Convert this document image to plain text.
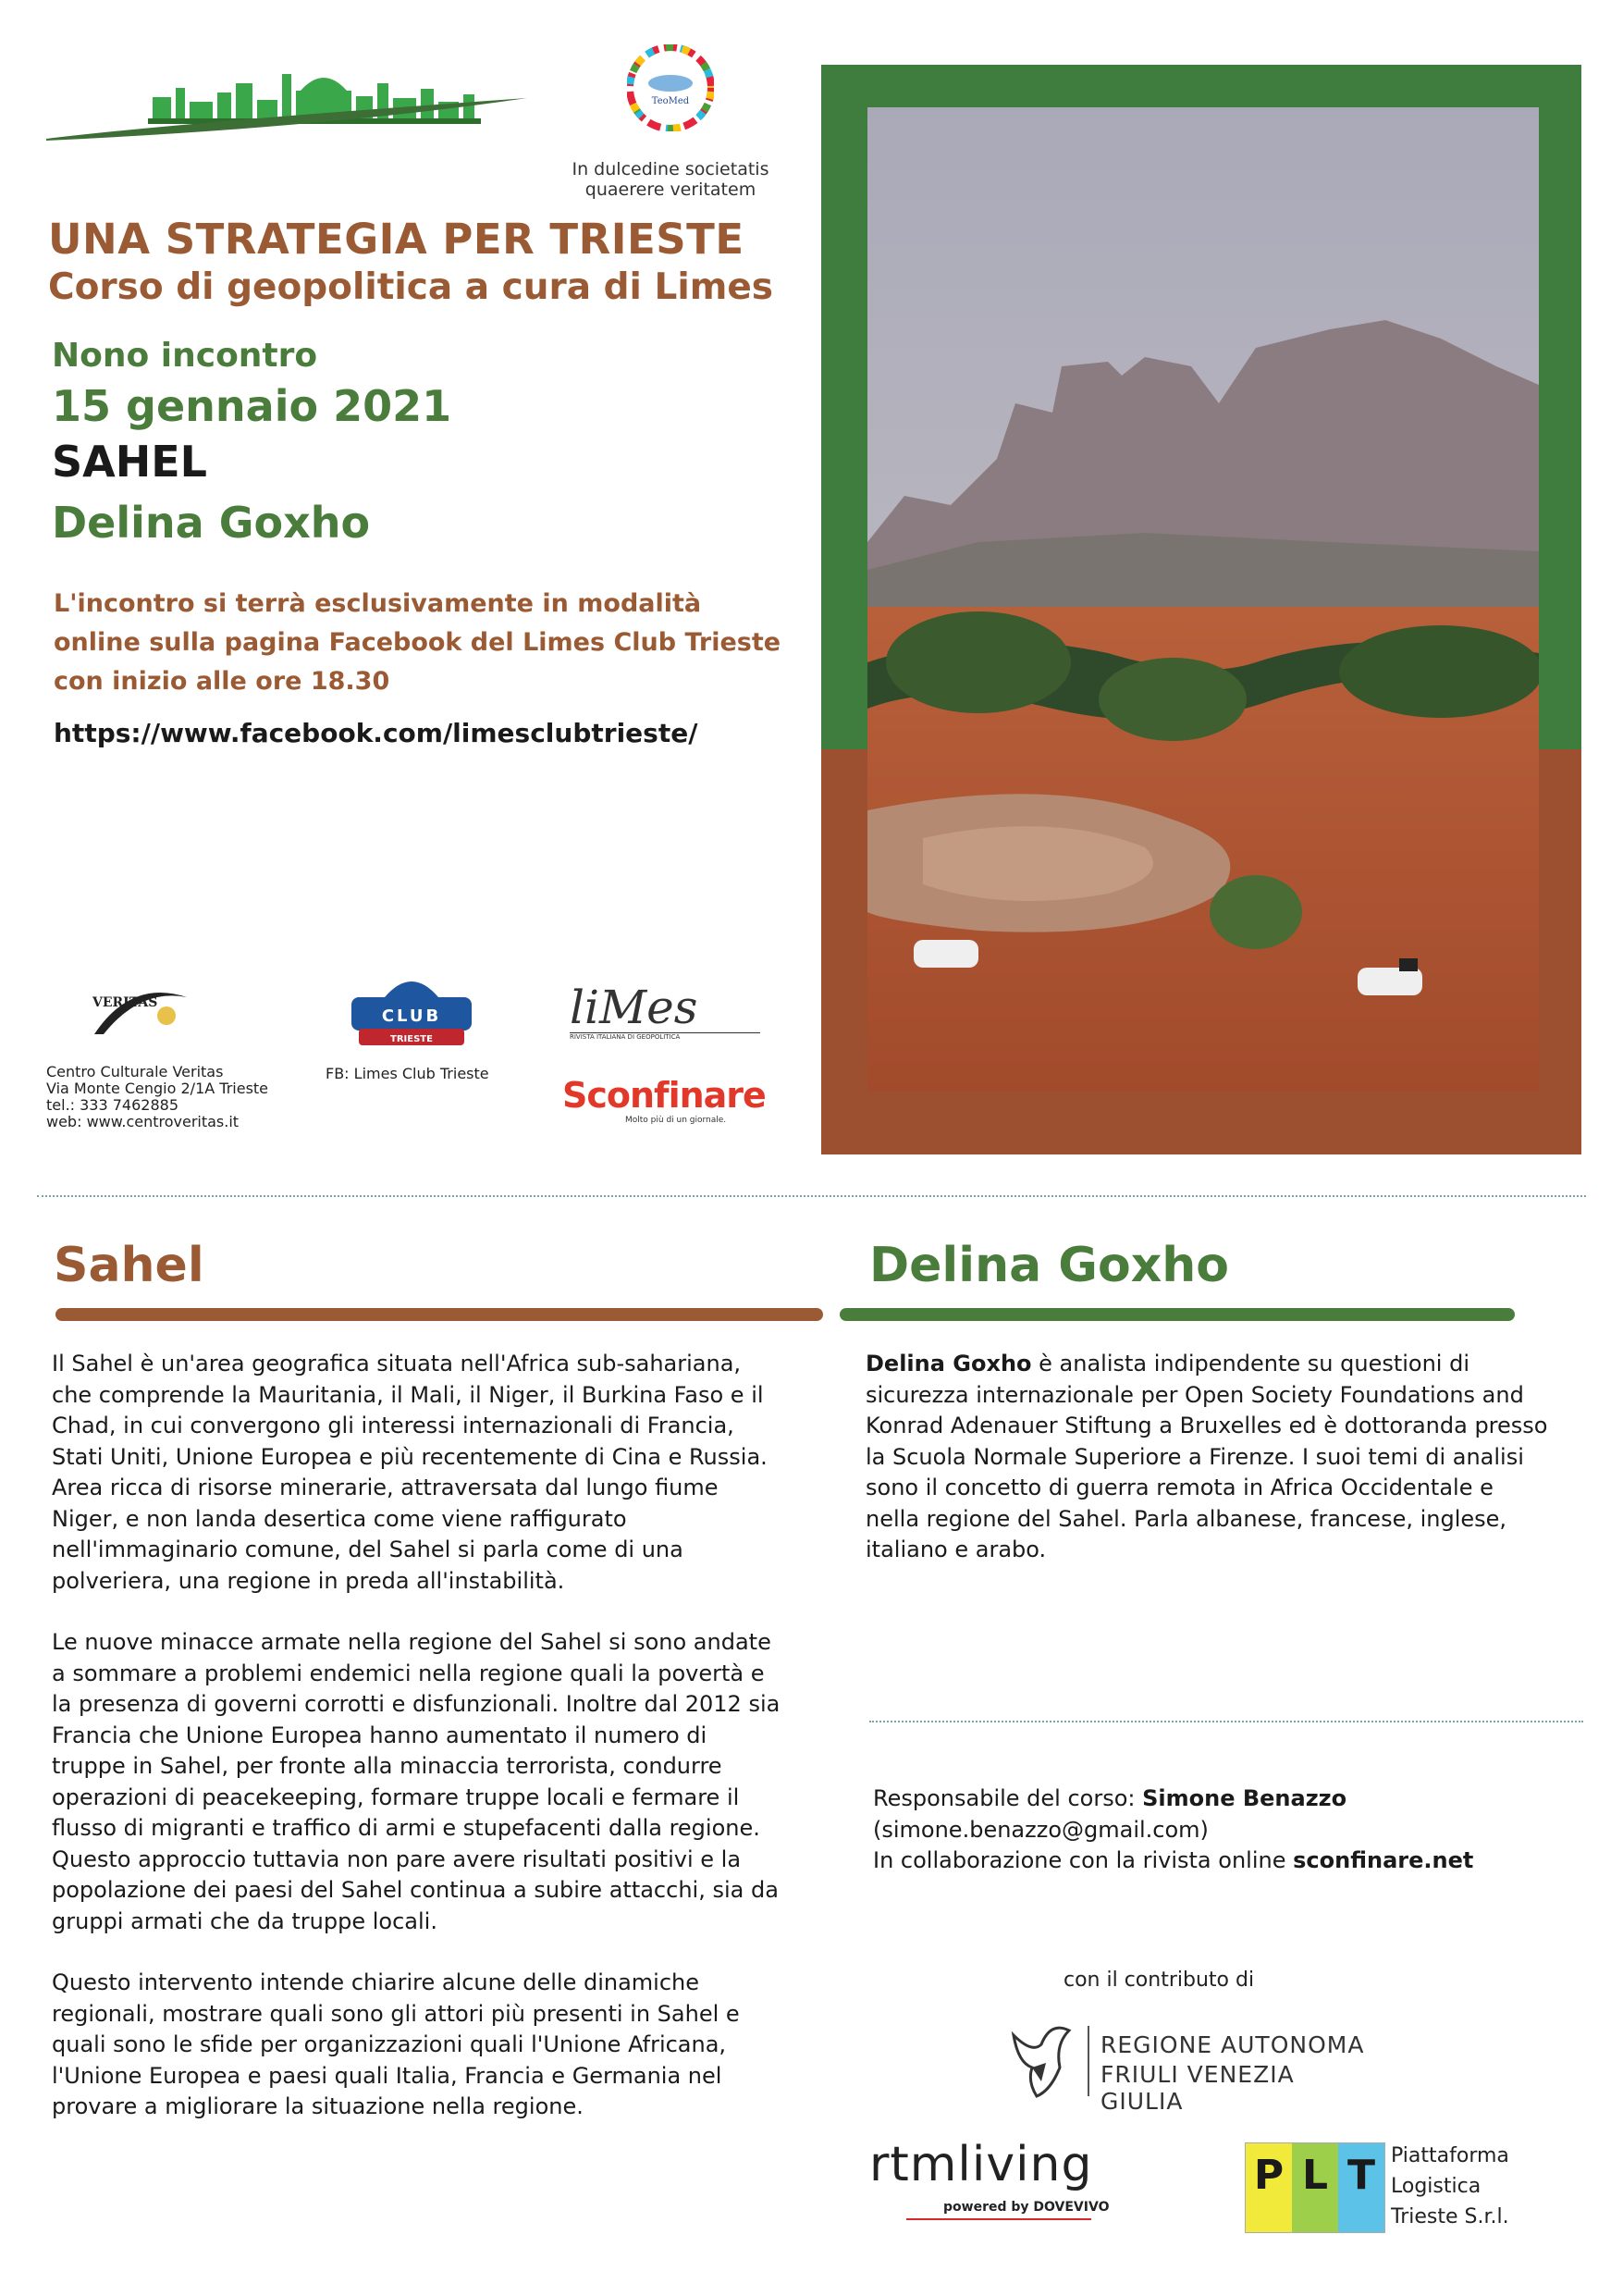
TeoMed
In dulcedine societatis quaerere veritatem
UNA STRATEGIA PER TRIESTE
Corso di geopolitica a cura di Limes
Nono incontro
15 gennaio 2021
SAHEL
Delina Goxho
L'incontro si terrà esclusivamente in modalità online sulla pagina Facebook del Limes Club Trieste con inizio alle ore 18.30
https://www.facebook.com/limesclubtrieste/
VERITAS
Centro Culturale Veritas
Via Monte Cengio 2/1A Trieste
tel.: 333 7462885
web: www.centroveritas.it
CLUB
TRIESTE
FB: Limes Club Trieste
liMes
RIVISTA ITALIANA DI GEOPOLITICA
Sconfinare
Molto più di un giornale.
Sahel

Il Sahel è un'area geografica situata nell'Africa sub-sahariana, che comprende la Mauritania, il Mali, il Niger, il Burkina Faso e il Chad, in cui convergono gli interessi internazionali di Francia, Stati Uniti, Unione Europea e più recentemente di Cina e Russia. Area ricca di risorse minerarie, attraversata dal lungo fiume Niger, e non landa desertica come viene raffigurato nell'immaginario comune, del Sahel si parla come di una polveriera, una regione in preda all'instabilità.

Le nuove minacce armate nella regione del Sahel si sono andate a sommare a problemi endemici nella regione quali la povertà e la presenza di governi corrotti e disfunzionali. Inoltre dal 2012 sia Francia che Unione Europea hanno aumentato il numero di truppe in Sahel, per fronte alla minaccia terrorista, condurre operazioni di peacekeeping, formare truppe locali e fermare il flusso di migranti e traffico di armi e stupefacenti dalla regione. Questo approccio tuttavia non pare avere risultati positivi e la popolazione dei paesi del Sahel continua a subire attacchi, sia da gruppi armati che da truppe locali.

Questo intervento intende chiarire alcune delle dinamiche regionali, mostrare quali sono gli attori più presenti in Sahel e quali sono le sfide per organizzazioni quali l'Unione Africana, l'Unione Europea e paesi quali Italia, Francia e Germania nel provare a migliorare la situazione nella regione.

Delina Goxho
Delina Goxho è analista indipendente su questioni di sicurezza internazionale per Open Society Foundations and Konrad Adenauer Stiftung a Bruxelles ed è dottoranda presso la Scuola Normale Superiore a Firenze. I suoi temi di analisi sono il concetto di guerra remota in Africa Occidentale e nella regione del Sahel. Parla albanese, francese, inglese, italiano e arabo.
Responsabile del corso: Simone Benazzo
(simone.benazzo@gmail.com)
In collaborazione con la rivista online sconfinare.net
con il contributo di
REGIONE AUTONOMA
FRIULI VENEZIA GIULIA
rtmliving
powered by DOVEVIVO
P L T Piattaforma
Logistica
Trieste S.r.l.
